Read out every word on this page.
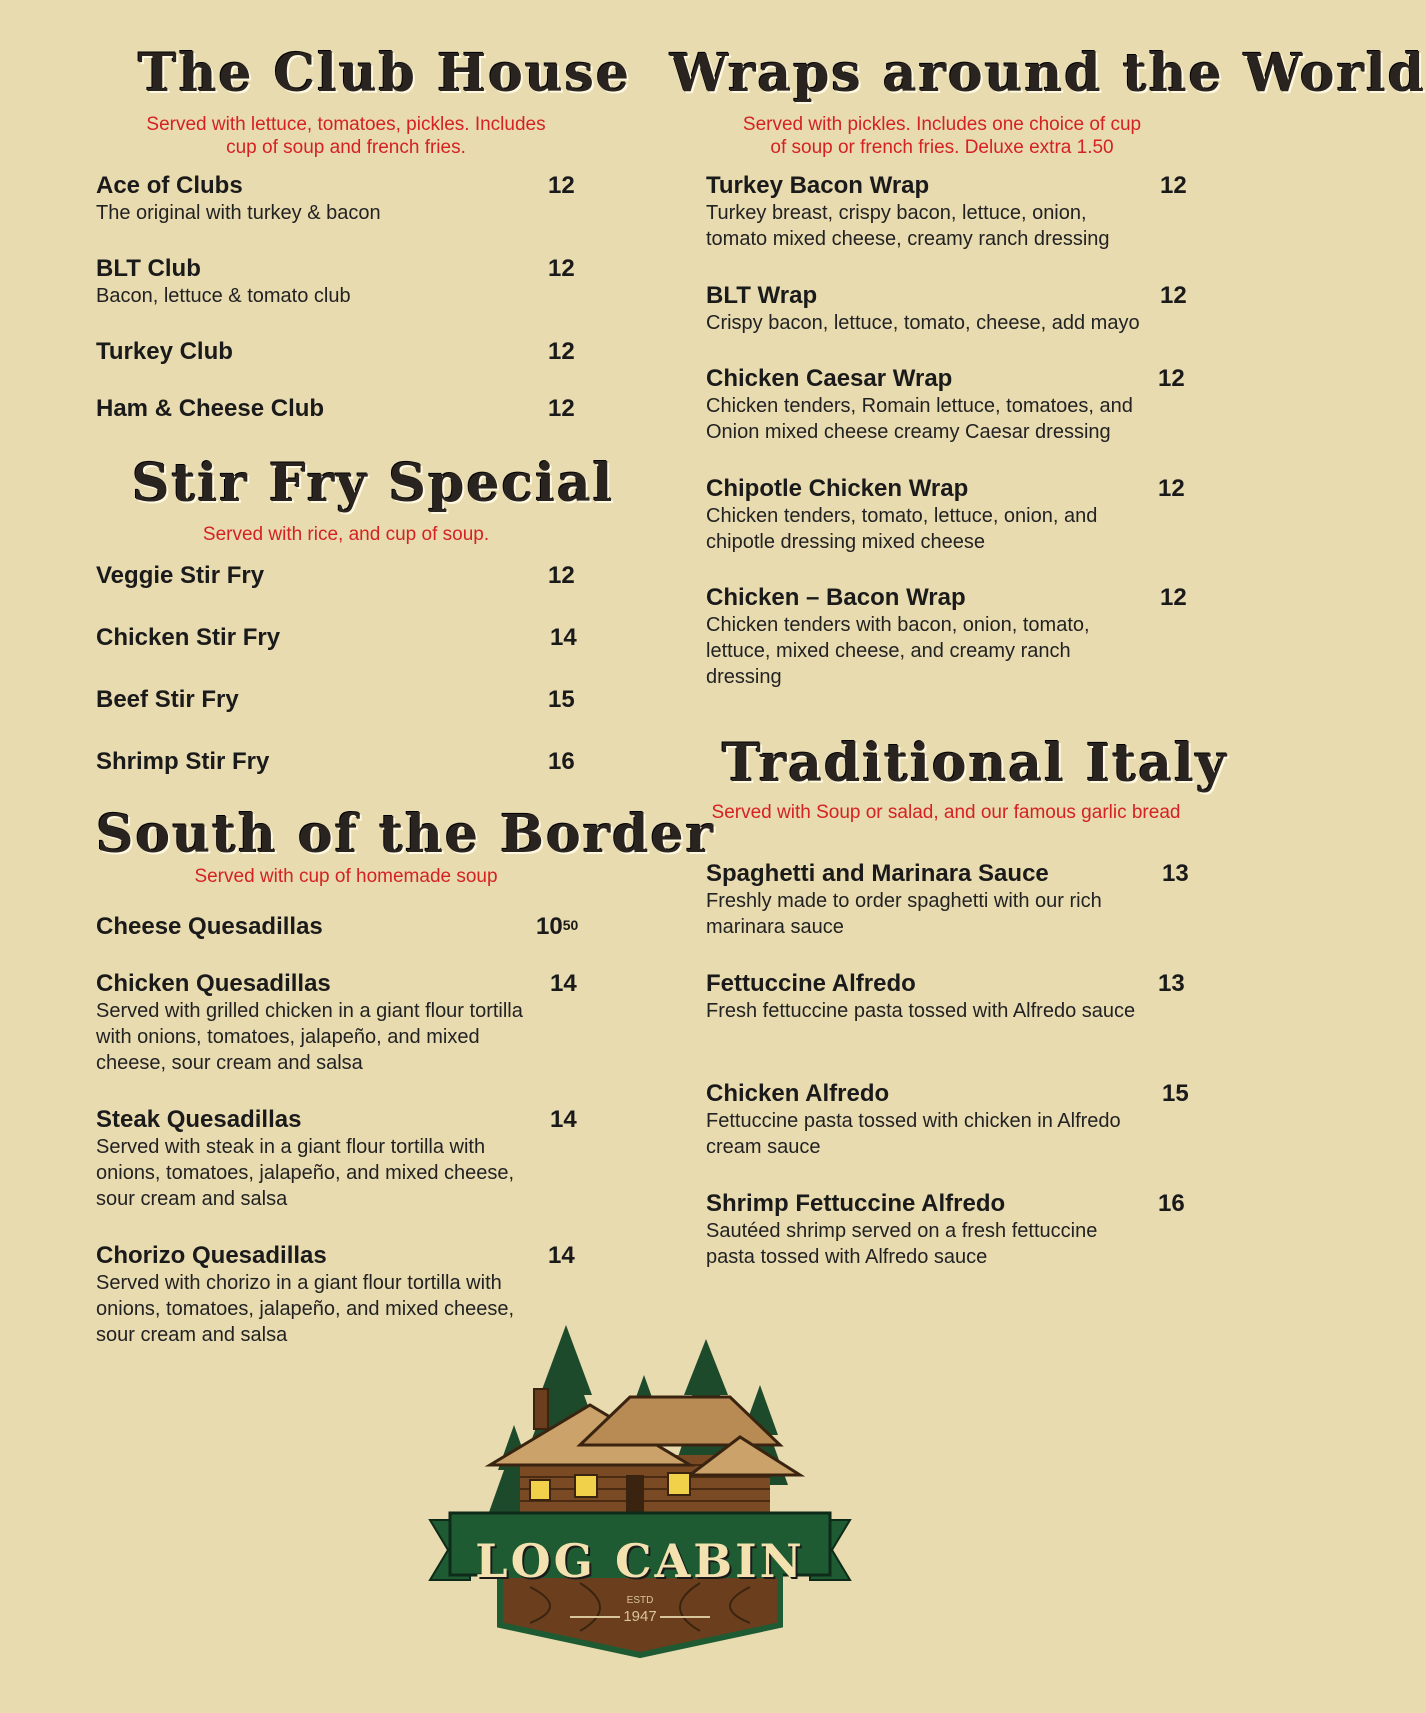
The Club House
Served with lettuce, tomatoes, pickles. Includes cup of soup and french fries.
Ace of Clubs	12
The original with turkey & bacon
BLT Club	12
Bacon, lettuce & tomato club
Turkey Club	12
Ham & Cheese Club	12
Stir Fry Special
Served with rice, and cup of soup.
Veggie Stir Fry	12
Chicken Stir Fry	14
Beef Stir Fry	15
Shrimp Stir Fry	16
South of the Border
Served with cup of homemade soup
Cheese Quesadillas	$10^{50}$
Chicken Quesadillas	14
Served with grilled chicken in a giant flour tortilla with onions, tomatoes, jalapeño, and mixed cheese, sour cream and salsa
Steak Quesadillas	14
Served with steak in a giant flour tortilla with onions, tomatoes, jalapeño, and mixed cheese, sour cream and salsa
Chorizo Quesadillas	14
Served with chorizo in a giant flour tortilla with onions, tomatoes, jalapeño, and mixed cheese, sour cream and salsa
Wraps around the World
Served with pickles. Includes one choice of cup of soup or french fries. Deluxe extra 1.50
Turkey Bacon Wrap	12
Turkey breast, crispy bacon, lettuce, onion, tomato mixed cheese, creamy ranch dressing
BLT Wrap	12
Crispy bacon, lettuce, tomato, cheese, add mayo
Chicken Caesar Wrap	12
Chicken tenders, Romain lettuce, tomatoes, and Onion mixed cheese creamy Caesar dressing
Chipotle Chicken Wrap	12
Chicken tenders, tomato, lettuce, onion, and chipotle dressing mixed cheese
Chicken – Bacon Wrap	12
Chicken tenders with bacon, onion, tomato, lettuce, mixed cheese, and creamy ranch dressing
Traditional Italy
Served with Soup or salad, and our famous garlic bread
Spaghetti and Marinara Sauce	13
Freshly made to order spaghetti with our rich marinara sauce
Fettuccine Alfredo	13
Fresh fettuccine pasta tossed with Alfredo sauce
Chicken Alfredo	15
Fettuccine pasta tossed with chicken in Alfredo cream sauce
Shrimp Fettuccine Alfredo	16
Sautéed shrimp served on a fresh fettuccine pasta tossed with Alfredo sauce
LOG CABIN
ESTD
1947
